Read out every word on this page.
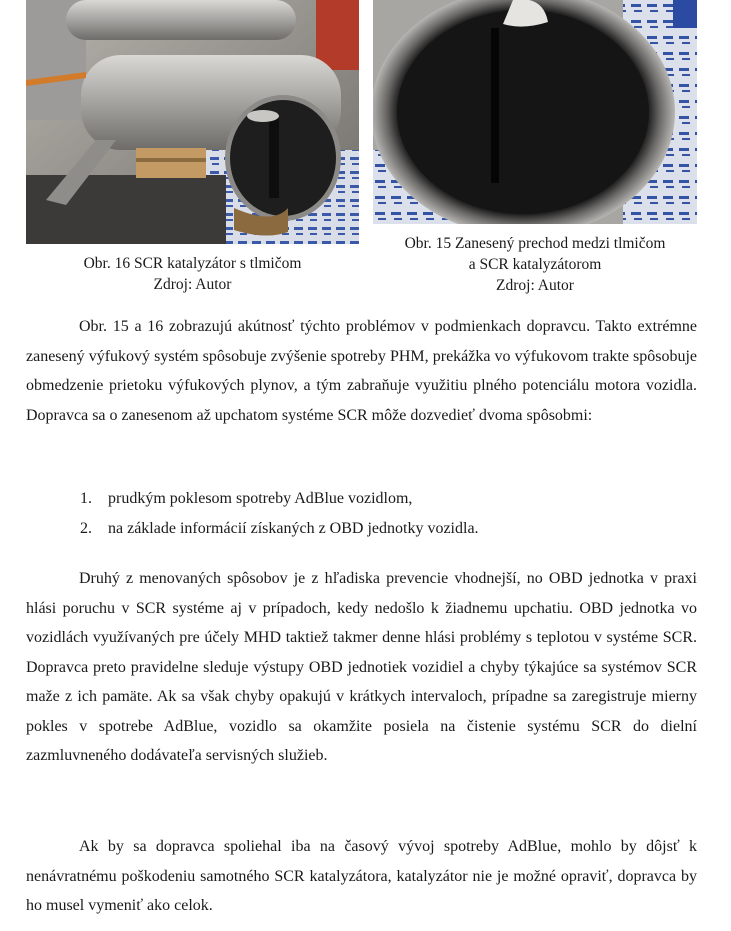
Obr. 16 SCR katalyzátor s tlmičom
Zdroj: Autor
Obr. 15 Zanesený prechod medzi tlmičom
a SCR katalyzátorom
Zdroj: Autor

Obr. 15 a 16 zobrazujú akútnosť týchto problémov v podmienkach dopravcu. Takto extrémne zanesený výfukový systém spôsobuje zvýšenie spotreby PHM, prekážka vo výfukovom trakte spôsobuje obmedzenie prietoku výfukových plynov, a tým zabraňuje využitiu plného potenciálu motora vozidla. Dopravca sa o zanesenom až upchatom systéme SCR môže dozvedieť dvoma spôsobmi:

1. prudkým poklesom spotreby AdBlue vozidlom,
2. na základe informácií získaných z OBD jednotky vozidla.

Druhý z menovaných spôsobov je z hľadiska prevencie vhodnejší, no OBD jednotka v praxi hlási poruchu v SCR systéme aj v prípadoch, kedy nedošlo k žiadnemu upchatiu. OBD jednotka vo vozidlách využívaných pre účely MHD taktiež takmer denne hlási problémy s teplotou v systéme SCR. Dopravca preto pravidelne sleduje výstupy OBD jednotiek vozidiel a chyby týkajúce sa systémov SCR maže z ich pamäte. Ak sa však chyby opakujú v krátkych intervaloch, prípadne sa zaregistruje mierny pokles v spotrebe AdBlue, vozidlo sa okamžite posiela na čistenie systému SCR do dielní zazmluvneného dodávateľa servisných služieb.

Ak by sa dopravca spoliehal iba na časový vývoj spotreby AdBlue, mohlo by dôjsť k nenávratnému poškodeniu samotného SCR katalyzátora, katalyzátor nie je možné opraviť, dopravca by ho musel vymeniť ako celok.
